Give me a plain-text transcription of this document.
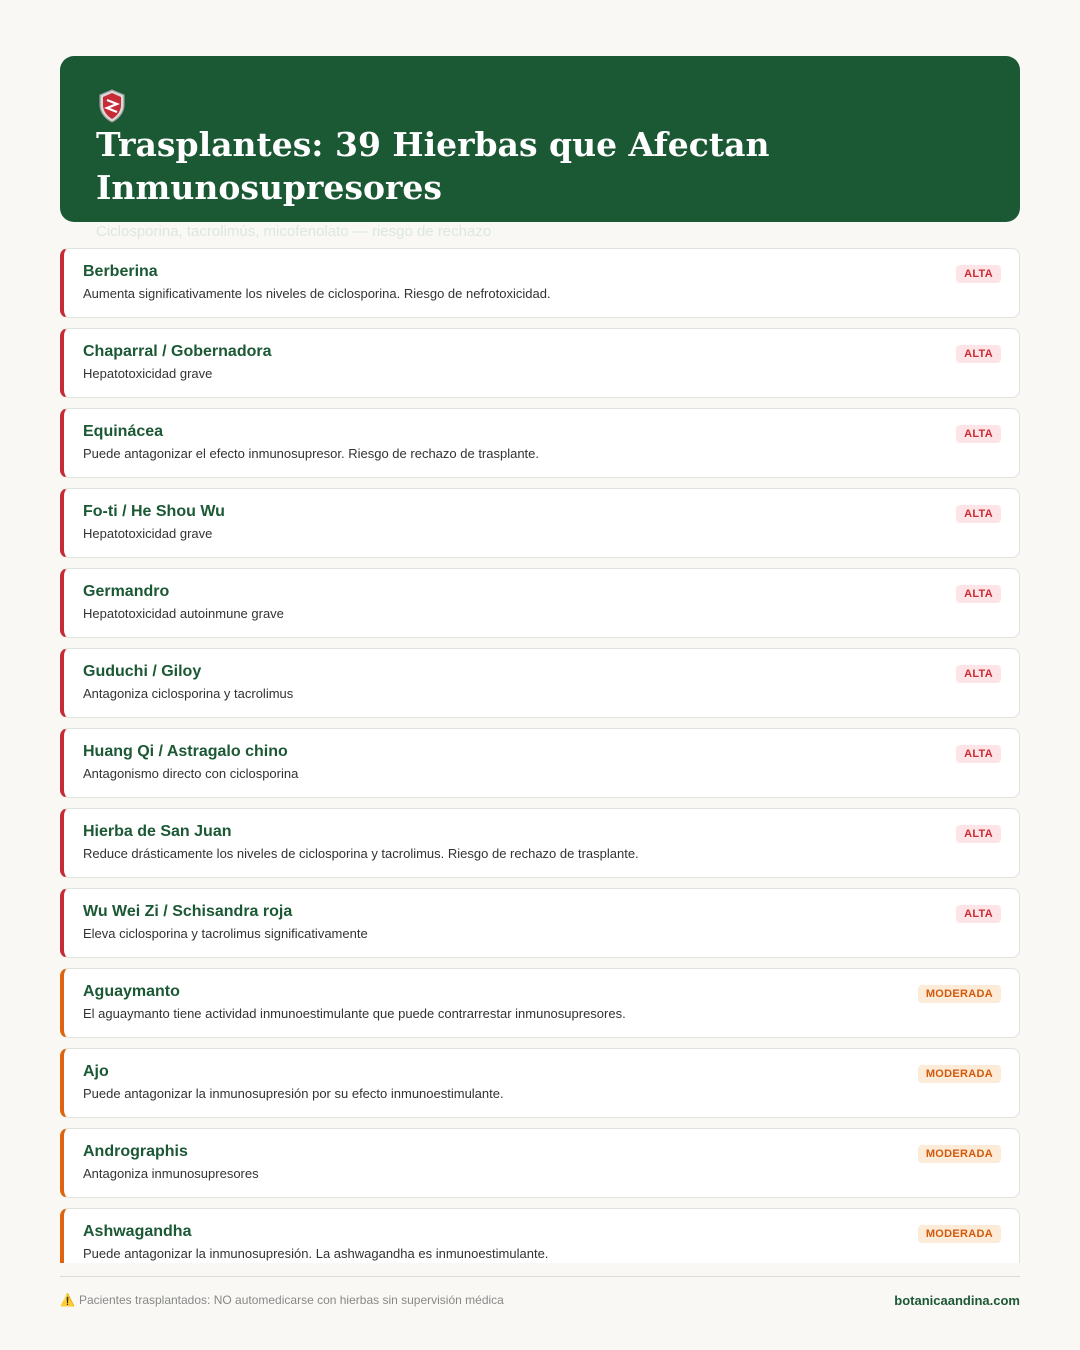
Trasplantes: 39 Hierbas que Afectan Inmunosupresores
Ciclosporina, tacrolimús, micofenolato — riesgo de rechazo
Berberina
Aumenta significativamente los niveles de ciclosporina. Riesgo de nefrotoxicidad.
ALTA
Chaparral / Gobernadora
Hepatotoxicidad grave
ALTA
Equinácea
Puede antagonizar el efecto inmunosupresor. Riesgo de rechazo de trasplante.
ALTA
Fo-ti / He Shou Wu
Hepatotoxicidad grave
ALTA
Germandro
Hepatotoxicidad autoinmune grave
ALTA
Guduchi / Giloy
Antagoniza ciclosporina y tacrolimus
ALTA
Huang Qi / Astragalo chino
Antagonismo directo con ciclosporina
ALTA
Hierba de San Juan
Reduce drásticamente los niveles de ciclosporina y tacrolimus. Riesgo de rechazo de trasplante.
ALTA
Wu Wei Zi / Schisandra roja
Eleva ciclosporina y tacrolimus significativamente
ALTA
Aguaymanto
El aguaymanto tiene actividad inmunoestimulante que puede contrarrestar inmunosupresores.
MODERADA
Ajo
Puede antagonizar la inmunosupresión por su efecto inmunoestimulante.
MODERADA
Andrographis
Antagoniza inmunosupresores
MODERADA
Ashwagandha
Puede antagonizar la inmunosupresión. La ashwagandha es inmunoestimulante.
MODERADA
⚠️ Pacientes trasplantados: NO automedicarse con hierbas sin supervisión médica	botanicaandina.com
